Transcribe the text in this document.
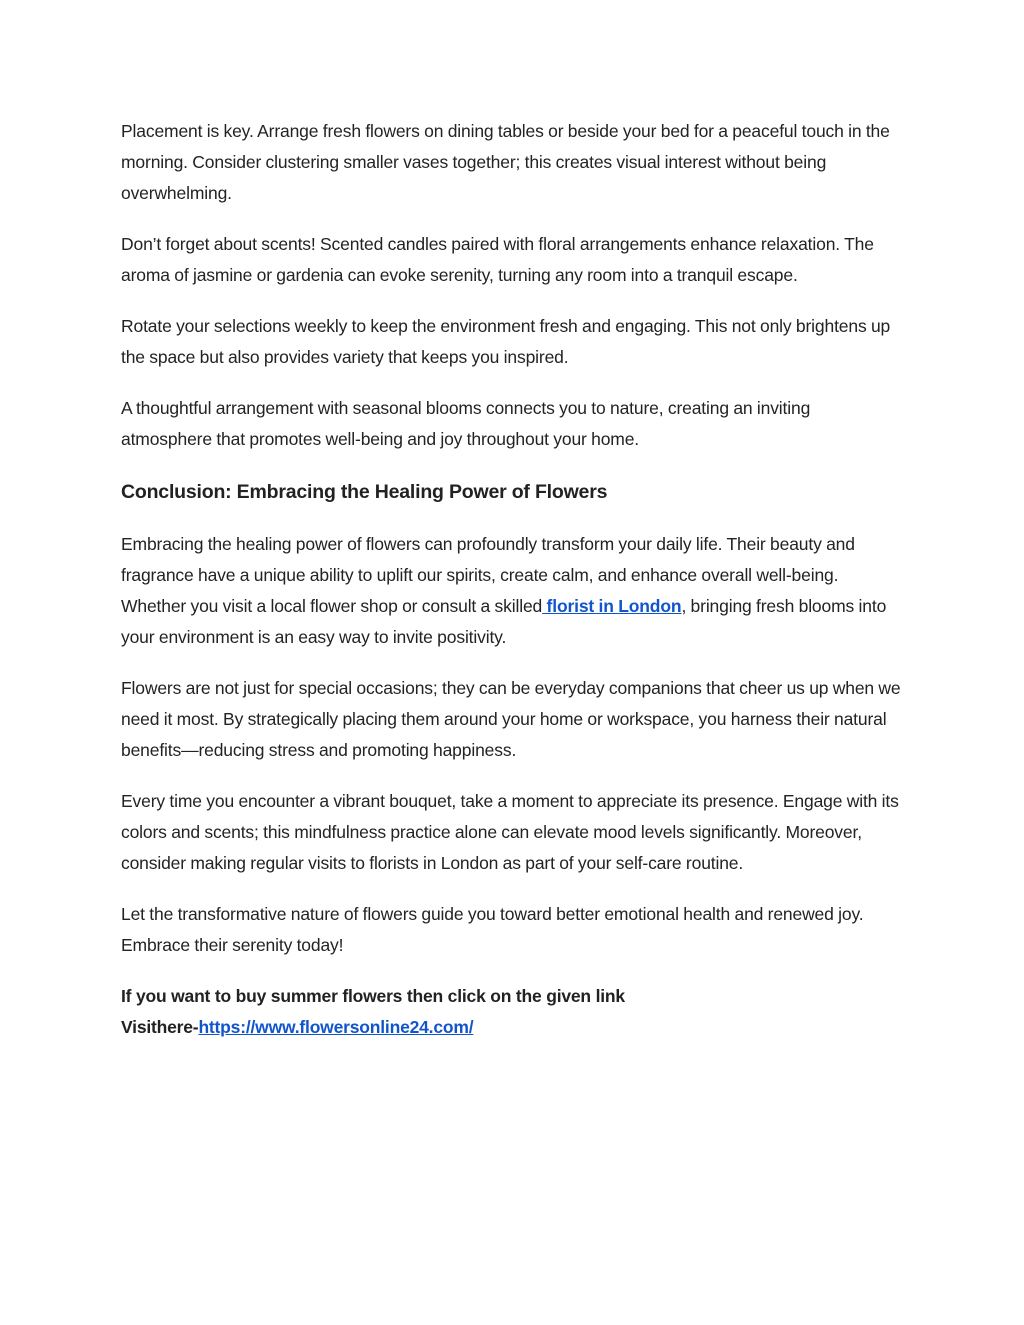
Placement is key. Arrange fresh flowers on dining tables or beside your bed for a peaceful touch in the morning. Consider clustering smaller vases together; this creates visual interest without being overwhelming.

Don’t forget about scents! Scented candles paired with floral arrangements enhance relaxation. The aroma of jasmine or gardenia can evoke serenity, turning any room into a tranquil escape.

Rotate your selections weekly to keep the environment fresh and engaging. This not only brightens up the space but also provides variety that keeps you inspired.

A thoughtful arrangement with seasonal blooms connects you to nature, creating an inviting atmosphere that promotes well-being and joy throughout your home.

Conclusion: Embracing the Healing Power of Flowers

Embracing the healing power of flowers can profoundly transform your daily life. Their beauty and fragrance have a unique ability to uplift our spirits, create calm, and enhance overall well-being. Whether you visit a local flower shop or consult a skilled florist in London, bringing fresh blooms into your environment is an easy way to invite positivity.

Flowers are not just for special occasions; they can be everyday companions that cheer us up when we need it most. By strategically placing them around your home or workspace, you harness their natural benefits—reducing stress and promoting happiness.

Every time you encounter a vibrant bouquet, take a moment to appreciate its presence. Engage with its colors and scents; this mindfulness practice alone can elevate mood levels significantly. Moreover, consider making regular visits to florists in London as part of your self-care routine.

Let the transformative nature of flowers guide you toward better emotional health and renewed joy. Embrace their serenity today!

If you want to buy summer flowers then click on the given link

Visithere-https://www.flowersonline24.com/
